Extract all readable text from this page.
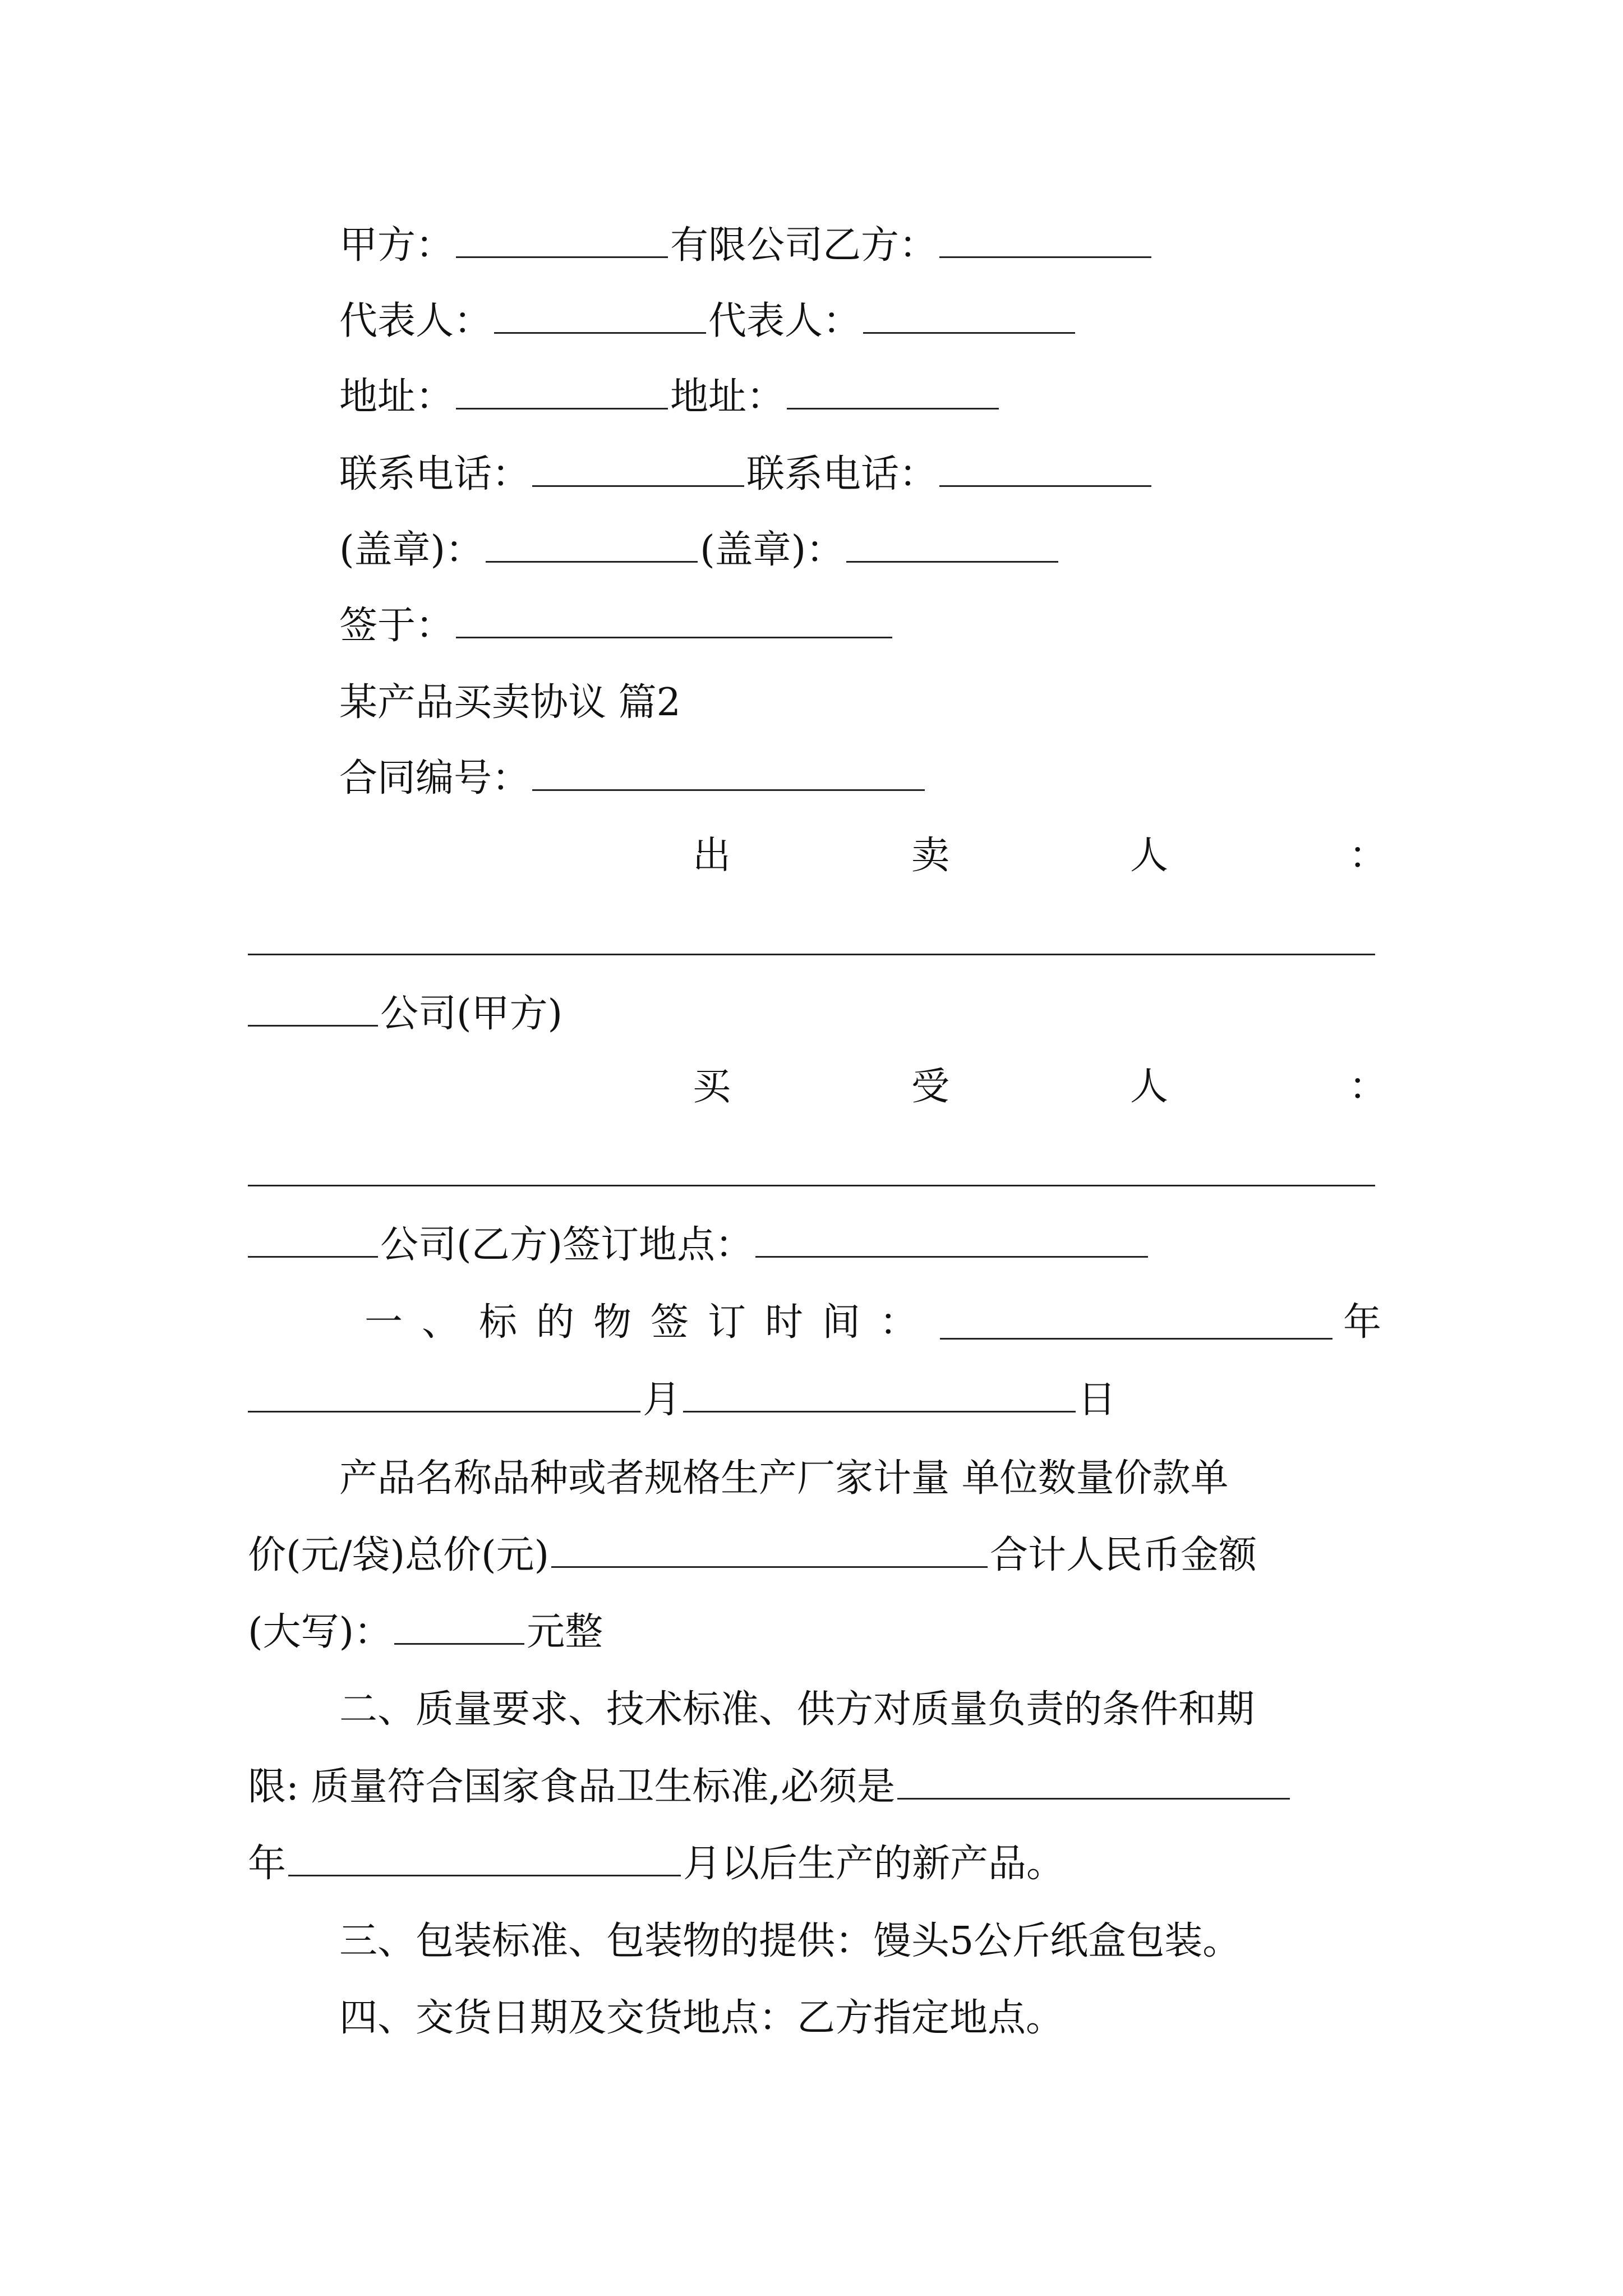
甲方：	有限公司乙方：
代表人：	代表人：
地址：	地址：
联系电话：	联系电话：
(盖章)：	(盖章)：
签于：
某产品买卖协议 篇2
合同编号：
出	卖	人	：
公司(甲方)
买	受	人	：
公司(乙方)签订地点：
一 、 标 的 物 签 订 时 间 ：	年
月	日
产品名称品种或者规格生产厂家计量 单位数量价款单
价(元/袋)总价(元)	合计人民币金额
(大写)：	元整
二、质量要求、技术标准、供方对质量负责的条件和期
限: 质量符合国家食品卫生标准,必须是
年	月以后生产的新产品。
三、包装标准、包装物的提供：馒头5公斤纸盒包装。
四、交货日期及交货地点：乙方指定地点。
